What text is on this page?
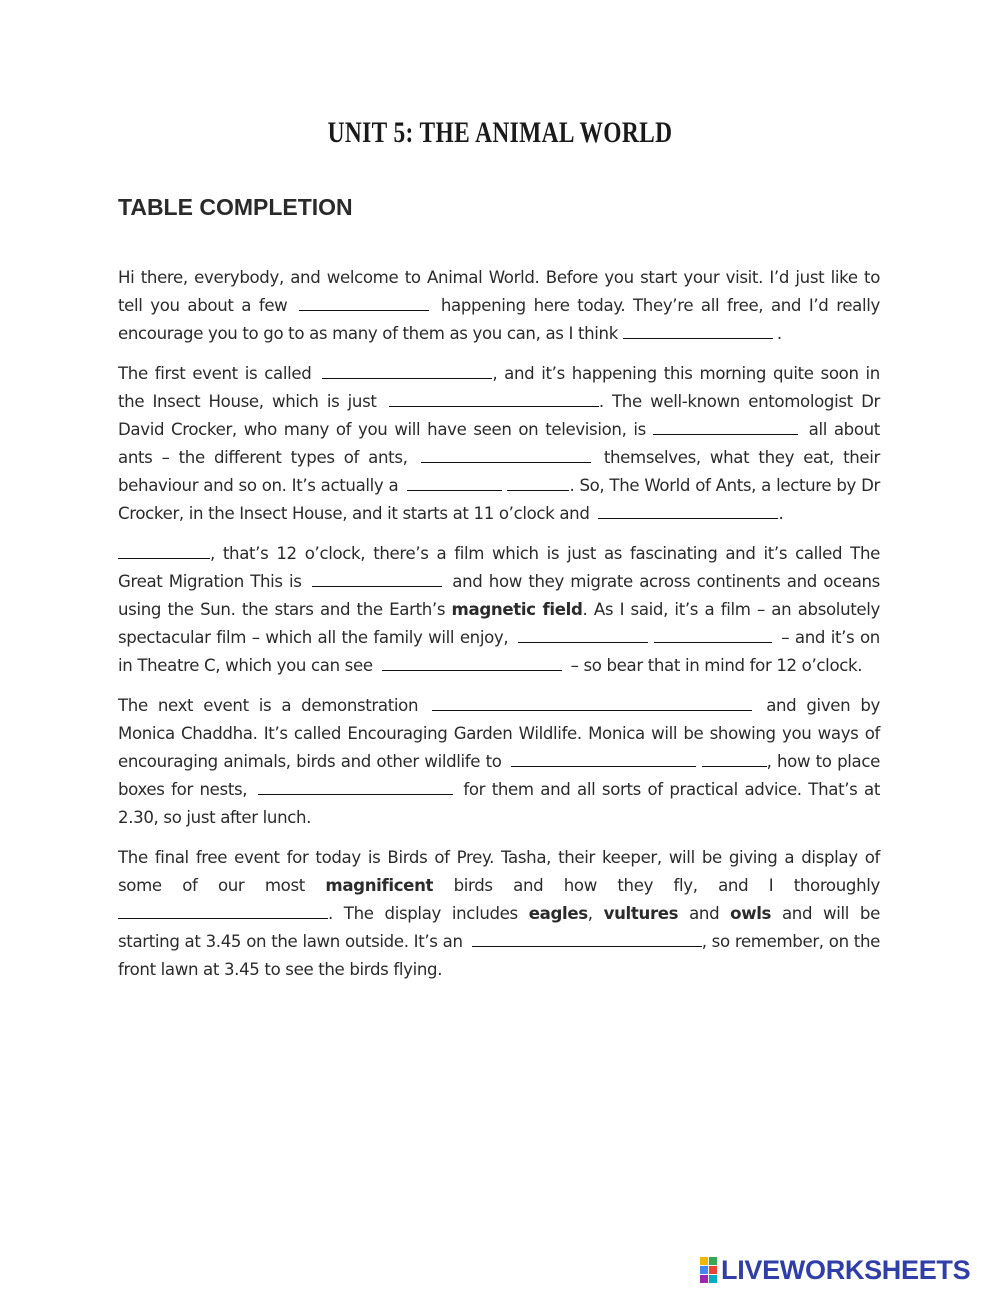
UNIT 5: THE ANIMAL WORLD
TABLE COMPLETION

Hi there, everybody, and welcome to Animal World. Before you start your visit. I’d just like to tell you about a few	happening here today. They’re all free, and I’d really encourage you to go to as many of them as you can, as I think	.

The first event is called	, and it’s happening this morning quite soon in the Insect House, which is just	. The well-known entomologist Dr David Crocker, who many of you will have seen on television, is	all about ants – the different types of ants,	themselves, what they eat, their behaviour and so on. It’s actually a	. So, The World of Ants, a lecture by Dr Crocker, in the Insect House, and it starts at 11 o’clock and	.

, that’s 12 o’clock, there’s a film which is just as fascinating and it’s called The Great Migration This is	and how they migrate across continents and oceans using the Sun. the stars and the Earth’s magnetic field. As I said, it’s a film – an absolutely spectacular film – which all the family will enjoy,	– and it’s on in Theatre C, which you can see	– so bear that in mind for 12 o’clock.

The next event is a demonstration	and given by Monica Chaddha. It’s called Encouraging Garden Wildlife. Monica will be showing you ways of encouraging animals, birds and other wildlife to	, how to place boxes for nests,	for them and all sorts of practical advice. That’s at 2.30, so just after lunch.

The final free event for today is Birds of Prey. Tasha, their keeper, will be giving a display of some of our most magnificent birds and how they fly, and I thoroughly . The display includes eagles, vultures and owls and will be starting at 3.45 on the lawn outside. It’s an	, so remember, on the front lawn at 3.45 to see the birds flying.

LIVEWORKSHEETS
